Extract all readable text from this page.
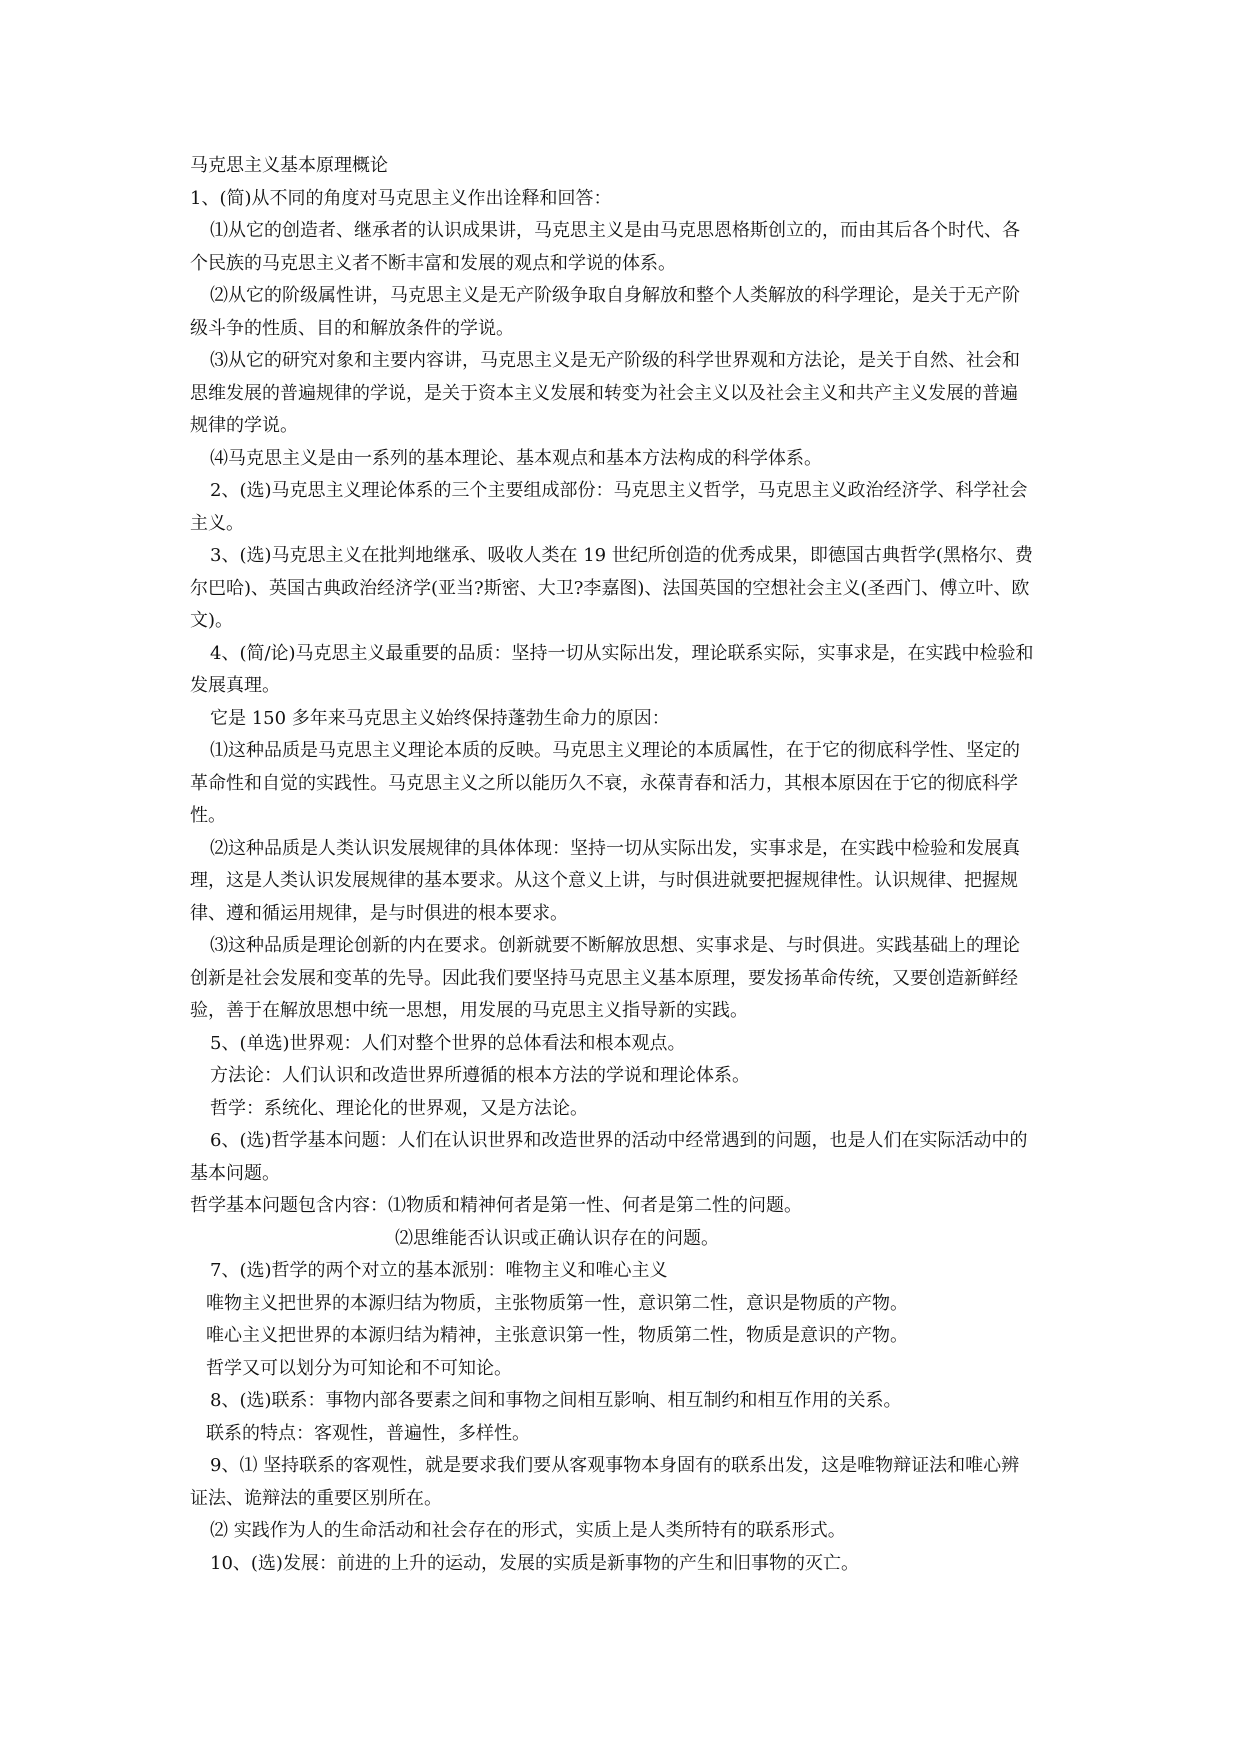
马克思主义基本原理概论
1、(简)从不同的角度对马克思主义作出诠释和回答：
⑴从它的创造者、继承者的认识成果讲，马克思主义是由马克思恩格斯创立的，而由其后各个时代、各
个民族的马克思主义者不断丰富和发展的观点和学说的体系。
⑵从它的阶级属性讲，马克思主义是无产阶级争取自身解放和整个人类解放的科学理论，是关于无产阶
级斗争的性质、目的和解放条件的学说。
⑶从它的研究对象和主要内容讲，马克思主义是无产阶级的科学世界观和方法论，是关于自然、社会和
思维发展的普遍规律的学说，是关于资本主义发展和转变为社会主义以及社会主义和共产主义发展的普遍
规律的学说。
⑷马克思主义是由一系列的基本理论、基本观点和基本方法构成的科学体系。
2、(选)马克思主义理论体系的三个主要组成部份：马克思主义哲学，马克思主义政治经济学、科学社会
主义。
3、(选)马克思主义在批判地继承、吸收人类在 19 世纪所创造的优秀成果，即德国古典哲学(黑格尔、费
尔巴哈)、英国古典政治经济学(亚当?斯密、大卫?李嘉图)、法国英国的空想社会主义(圣西门、傅立叶、欧
文)。
4、(简/论)马克思主义最重要的品质：坚持一切从实际出发，理论联系实际，实事求是，在实践中检验和
发展真理。
它是 150 多年来马克思主义始终保持蓬勃生命力的原因：
⑴这种品质是马克思主义理论本质的反映。马克思主义理论的本质属性，在于它的彻底科学性、坚定的
革命性和自觉的实践性。马克思主义之所以能历久不衰，永葆青春和活力，其根本原因在于它的彻底科学
性。
⑵这种品质是人类认识发展规律的具体体现：坚持一切从实际出发，实事求是，在实践中检验和发展真
理，这是人类认识发展规律的基本要求。从这个意义上讲，与时俱进就要把握规律性。认识规律、把握规
律、遵和循运用规律，是与时俱进的根本要求。
⑶这种品质是理论创新的内在要求。创新就要不断解放思想、实事求是、与时俱进。实践基础上的理论
创新是社会发展和变革的先导。因此我们要坚持马克思主义基本原理，要发扬革命传统，又要创造新鲜经
验，善于在解放思想中统一思想，用发展的马克思主义指导新的实践。
5、(单选)世界观：人们对整个世界的总体看法和根本观点。
方法论：人们认识和改造世界所遵循的根本方法的学说和理论体系。
哲学：系统化、理论化的世界观，又是方法论。
6、(选)哲学基本问题：人们在认识世界和改造世界的活动中经常遇到的问题，也是人们在实际活动中的
基本问题。
哲学基本问题包含内容：⑴物质和精神何者是第一性、何者是第二性的问题。
⑵思维能否认识或正确认识存在的问题。
7、(选)哲学的两个对立的基本派别：唯物主义和唯心主义
唯物主义把世界的本源归结为物质，主张物质第一性，意识第二性，意识是物质的产物。
唯心主义把世界的本源归结为精神，主张意识第一性，物质第二性，物质是意识的产物。
哲学又可以划分为可知论和不可知论。
8、(选)联系：事物内部各要素之间和事物之间相互影响、相互制约和相互作用的关系。
联系的特点：客观性，普遍性，多样性。
9、⑴ 坚持联系的客观性，就是要求我们要从客观事物本身固有的联系出发，这是唯物辩证法和唯心辨
证法、诡辩法的重要区别所在。
⑵ 实践作为人的生命活动和社会存在的形式，实质上是人类所特有的联系形式。
10、(选)发展：前进的上升的运动，发展的实质是新事物的产生和旧事物的灭亡。
